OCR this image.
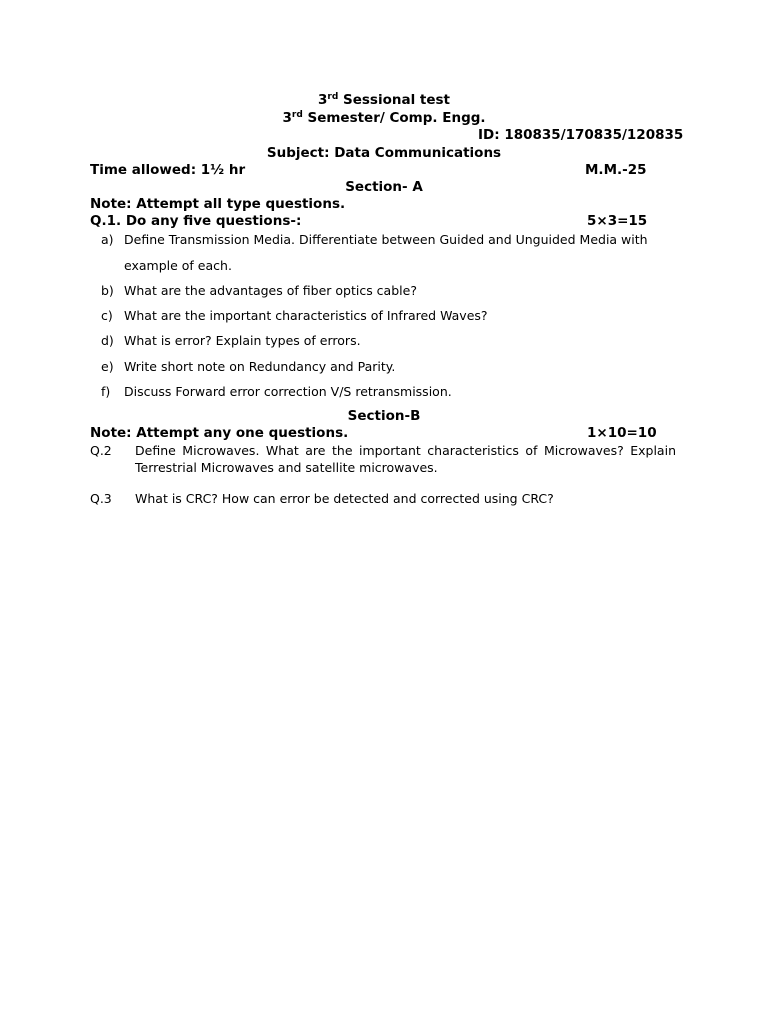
3rd Sessional test
3rd Semester/ Comp. Engg.
ID: 180835/170835/120835
Subject: Data Communications
Time allowed: 1½ hr	M.M.-25
Section- A
Note: Attempt all type questions.
Q.1. Do any five questions-:	5×3=15
a) Define Transmission Media. Differentiate between Guided and Unguided Media with
example of each.
b) What are the advantages of fiber optics cable?
c) What are the important characteristics of Infrared Waves?
d) What is error? Explain types of errors.
e) Write short note on Redundancy and Parity.
f) Discuss Forward error correction V/S retransmission.
Section-B
Note: Attempt any one questions.	1×10=10
Q.2 Define Microwaves. What are the important characteristics of Microwaves? Explain
Terrestrial Microwaves and satellite microwaves.
Q.3 What is CRC? How can error be detected and corrected using CRC?
